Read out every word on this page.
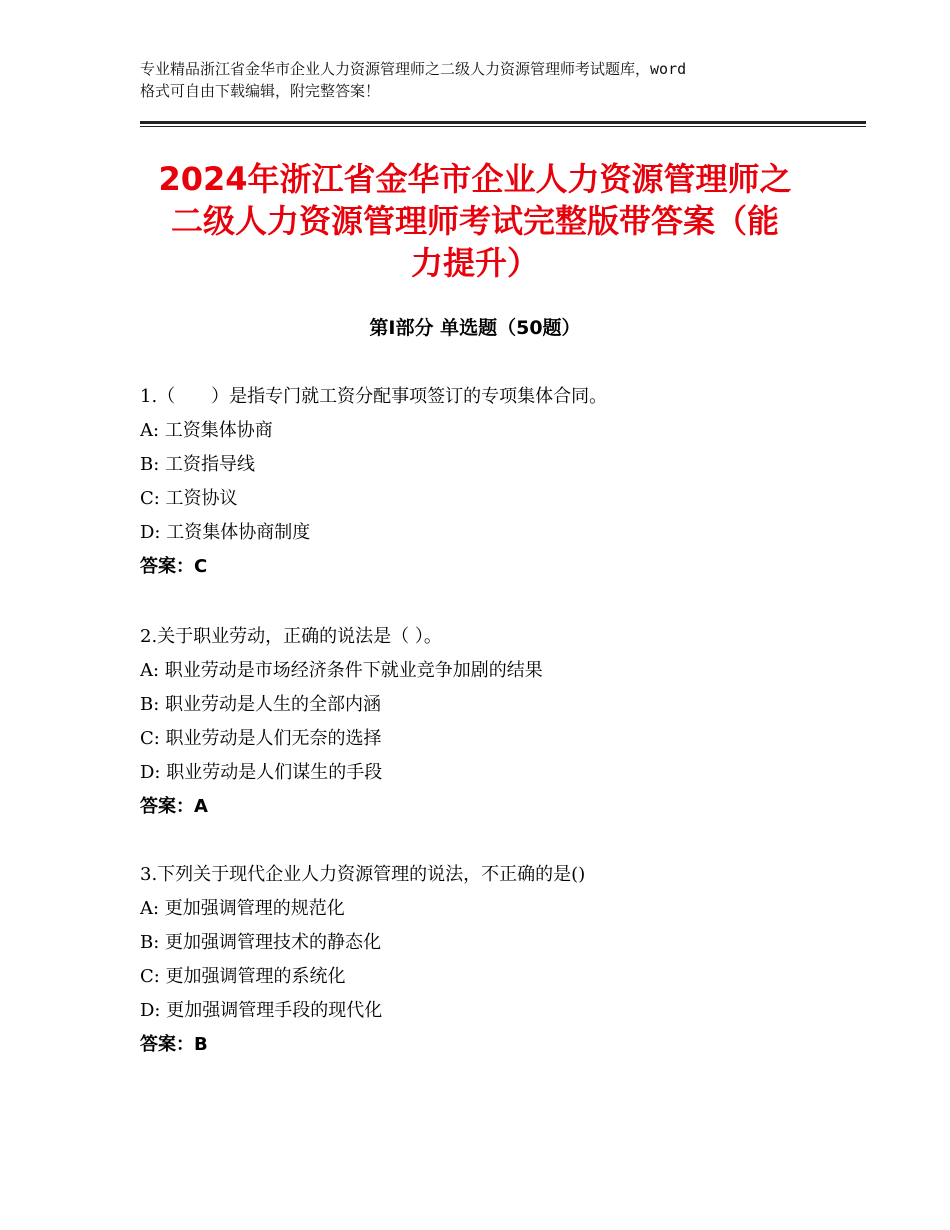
专业精品浙江省金华市企业人力资源管理师之二级人力资源管理师考试题库，word
格式可自由下载编辑，附完整答案！
2024年浙江省金华市企业人力资源管理师之
二级人力资源管理师考试完整版带答案（能
力提升）
第Ⅰ部分 单选题（50题）
1.（　　）是指专门就工资分配事项签订的专项集体合同。
A: 工资集体协商
B: 工资指导线
C: 工资协议
D: 工资集体协商制度
答案：C
2.关于职业劳动，正确的说法是（ ）。
A: 职业劳动是市场经济条件下就业竞争加剧的结果
B: 职业劳动是人生的全部内涵
C: 职业劳动是人们无奈的选择
D: 职业劳动是人们谋生的手段
答案：A
3.下列关于现代企业人力资源管理的说法，不正确的是()
A: 更加强调管理的规范化
B: 更加强调管理技术的静态化
C: 更加强调管理的系统化
D: 更加强调管理手段的现代化
答案：B
